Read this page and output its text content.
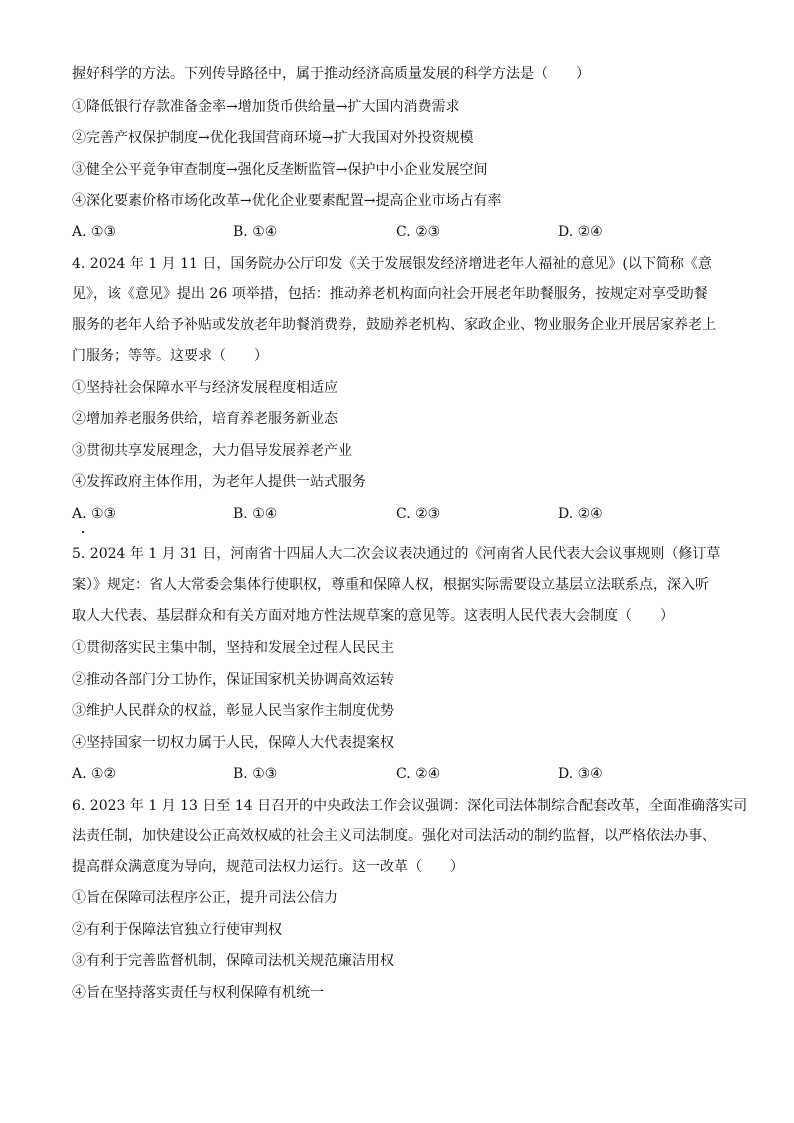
握好科学的方法。下列传导路径中，属于推动经济高质量发展的科学方法是（　　）
①降低银行存款准备金率→增加货币供给量→扩大国内消费需求
②完善产权保护制度→优化我国营商环境→扩大我国对外投资规模
③健全公平竞争审查制度→强化反垄断监管→保护中小企业发展空间
④深化要素价格市场化改革→优化企业要素配置→提高企业市场占有率
A. ①③	B. ①④	C. ②③	D. ②④
4. 2024 年 1 月 11 日，国务院办公厅印发《关于发展银发经济增进老年人福祉的意见》(以下简称《意
见》，该《意见》提出 26 项举措，包括：推动养老机构面向社会开展老年助餐服务，按规定对享受助餐
服务的老年人给予补贴或发放老年助餐消费券，鼓励养老机构、家政企业、物业服务企业开展居家养老上
门服务；等等。这要求（　　）
①坚持社会保障水平与经济发展程度相适应
②增加养老服务供给，培育养老服务新业态
③贯彻共享发展理念，大力倡导发展养老产业
④发挥政府主体作用，为老年人提供一站式服务
A. ①③	B. ①④	C. ②③	D. ②④
5. 2024 年 1 月 31 日，河南省十四届人大二次会议表决通过的《河南省人民代表大会议事规则（修订草
案）》规定：省人大常委会集体行使职权，尊重和保障人权，根据实际需要设立基层立法联系点，深入听
取人大代表、基层群众和有关方面对地方性法规草案的意见等。这表明人民代表大会制度（　　）
①贯彻落实民主集中制，坚持和发展全过程人民民主
②推动各部门分工协作，保证国家机关协调高效运转
③维护人民群众的权益，彰显人民当家作主制度优势
④坚持国家一切权力属于人民，保障人大代表提案权
A. ①②	B. ①③	C. ②④	D. ③④
6. 2023 年 1 月 13 日至 14 日召开的中央政法工作会议强调：深化司法体制综合配套改革，全面准确落实司
法责任制，加快建设公正高效权威的社会主义司法制度。强化对司法活动的制约监督，以严格依法办事、
提高群众满意度为导向，规范司法权力运行。这一改革（　　）
①旨在保障司法程序公正，提升司法公信力
②有利于保障法官独立行使审判权
③有利于完善监督机制，保障司法机关规范廉洁用权
④旨在坚持落实责任与权利保障有机统一
